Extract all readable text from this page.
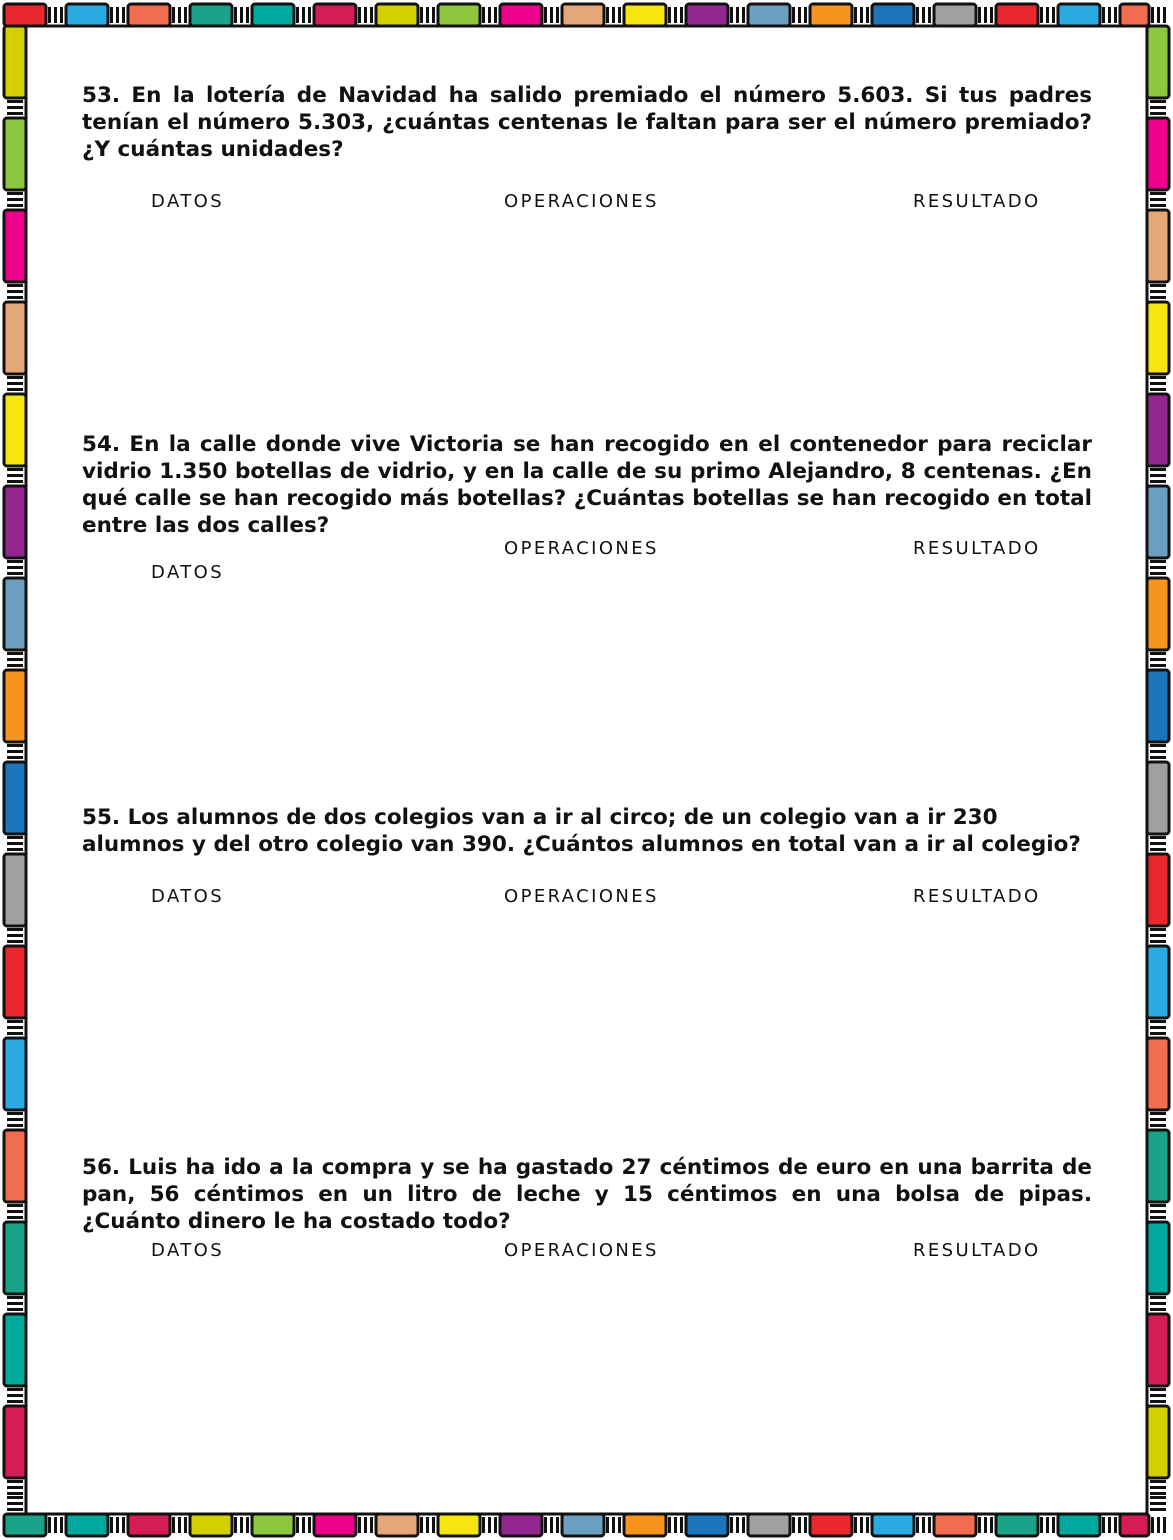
53. En la lotería de Navidad ha salido premiado el número 5.603. Si tus padres tenían el número 5.303, ¿cuántas centenas le faltan para ser el número premiado? ¿Y cuántas unidades?

DATOS	OPERACIONES	RESULTADO

54. En la calle donde vive Victoria se han recogido en el contenedor para reciclar vidrio 1.350 botellas de vidrio, y en la calle de su primo Alejandro, 8 centenas. ¿En qué calle se han recogido más botellas? ¿Cuántas botellas se han recogido en total entre las dos calles?

OPERACIONES	RESULTADO
DATOS

55. Los alumnos de dos colegios van a ir al circo; de un colegio van a ir 230 alumnos y del otro colegio van 390. ¿Cuántos alumnos en total van a ir al colegio?

DATOS	OPERACIONES	RESULTADO

56. Luis ha ido a la compra y se ha gastado 27 céntimos de euro en una barrita de pan, 56 céntimos en un litro de leche y 15 céntimos en una bolsa de pipas. ¿Cuánto dinero le ha costado todo?

DATOS	OPERACIONES	RESULTADO
